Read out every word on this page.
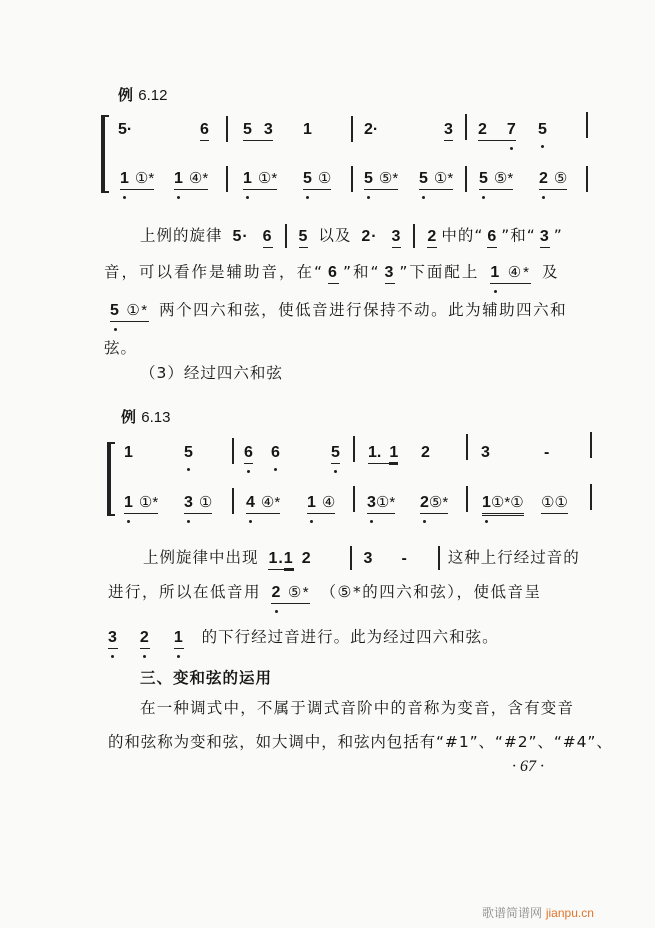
例 6.12
5·	6 5 3 1	2·	3 2 7 5
1 ①* 1 ④* 1 ①* 5 ① 5 ⑤* 5 ①* 5 ⑤* 2 ⑤
上例的旋律 5· 6 5 以及 2· 3 2 中的“ 6 ”和“ 3 ”
音，可以看作是辅助音，在“ 6 ”和“ 3 ”下面配上 1 ④* 及
5 ①* 两个四六和弦，使低音进行保持不动。此为辅助四六和
弦。
（3）经过四六和弦
例 6.13
1	5	6 6	5 1. 1 2	3	-
1 ①* 3 ① 4 ④* 1 ④ 3①* 2⑤* 1①*① ①①
上例旋律中出现 1.1 2	3 -	这种上行经过音的
进行，所以在低音用 2 ⑤* （⑤*的四六和弦），使低音呈
3 2 1 的下行经过音进行。此为经过四六和弦。
三、变和弦的运用
在一种调式中，不属于调式音阶中的音称为变音，含有变音
的和弦称为变和弦，如大调中，和弦内包括有“#1”、“#2”、“#4”、
· 67 ·
歌谱简谱网 jianpu.cn
